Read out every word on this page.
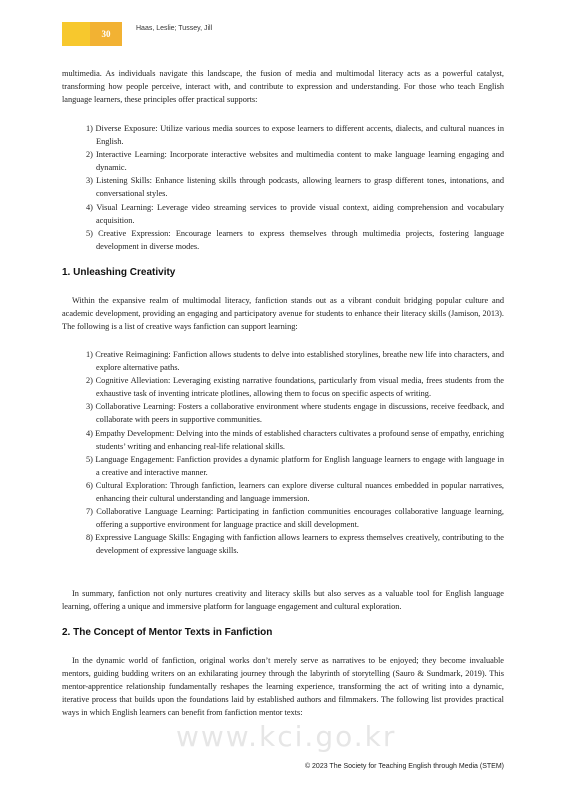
30
Haas, Leslie; Tussey, Jill

multimedia. As individuals navigate this landscape, the fusion of media and multimodal literacy acts as a powerful catalyst, transforming how people perceive, interact with, and contribute to expression and understanding. For those who teach English language learners, these principles offer practical supports:

1) Diverse Exposure: Utilize various media sources to expose learners to different accents, dialects, and cultural nuances in English.
2) Interactive Learning: Incorporate interactive websites and multimedia content to make language learning engaging and dynamic.
3) Listening Skills: Enhance listening skills through podcasts, allowing learners to grasp different tones, intonations, and conversational styles.
4) Visual Learning: Leverage video streaming services to provide visual context, aiding comprehension and vocabulary acquisition.
5) Creative Expression: Encourage learners to express themselves through multimedia projects, fostering language development in diverse modes.
1. Unleashing Creativity

Within the expansive realm of multimodal literacy, fanfiction stands out as a vibrant conduit bridging popular culture and academic development, providing an engaging and participatory avenue for students to enhance their literacy skills (Jamison, 2013). The following is a list of creative ways fanfiction can support learning:

1) Creative Reimagining: Fanfiction allows students to delve into established storylines, breathe new life into characters, and explore alternative paths.
2) Cognitive Alleviation: Leveraging existing narrative foundations, particularly from visual media, frees students from the exhaustive task of inventing intricate plotlines, allowing them to focus on specific aspects of writing.
3) Collaborative Learning: Fosters a collaborative environment where students engage in discussions, receive feedback, and collaborate with peers in supportive communities.
4) Empathy Development: Delving into the minds of established characters cultivates a profound sense of empathy, enriching students’ writing and enhancing real-life relational skills.
5) Language Engagement: Fanfiction provides a dynamic platform for English language learners to engage with language in a creative and interactive manner.
6) Cultural Exploration: Through fanfiction, learners can explore diverse cultural nuances embedded in popular narratives, enhancing their cultural understanding and language immersion.
7) Collaborative Language Learning: Participating in fanfiction communities encourages collaborative language learning, offering a supportive environment for language practice and skill development.
8) Expressive Language Skills: Engaging with fanfiction allows learners to express themselves creatively, contributing to the development of expressive language skills.

In summary, fanfiction not only nurtures creativity and literacy skills but also serves as a valuable tool for English language learning, offering a unique and immersive platform for language engagement and cultural exploration.

2. The Concept of Mentor Texts in Fanfiction

In the dynamic world of fanfiction, original works don’t merely serve as narratives to be enjoyed; they become invaluable mentors, guiding budding writers on an exhilarating journey through the labyrinth of storytelling (Sauro & Sundmark, 2019). This mentor-apprentice relationship fundamentally reshapes the learning experience, transforming the act of writing into a dynamic, iterative process that builds upon the foundations laid by established authors and filmmakers. The following list provides practical ways in which English learners can benefit from fanfiction mentor texts:

www.kci.go.kr
© 2023 The Society for Teaching English through Media (STEM)
